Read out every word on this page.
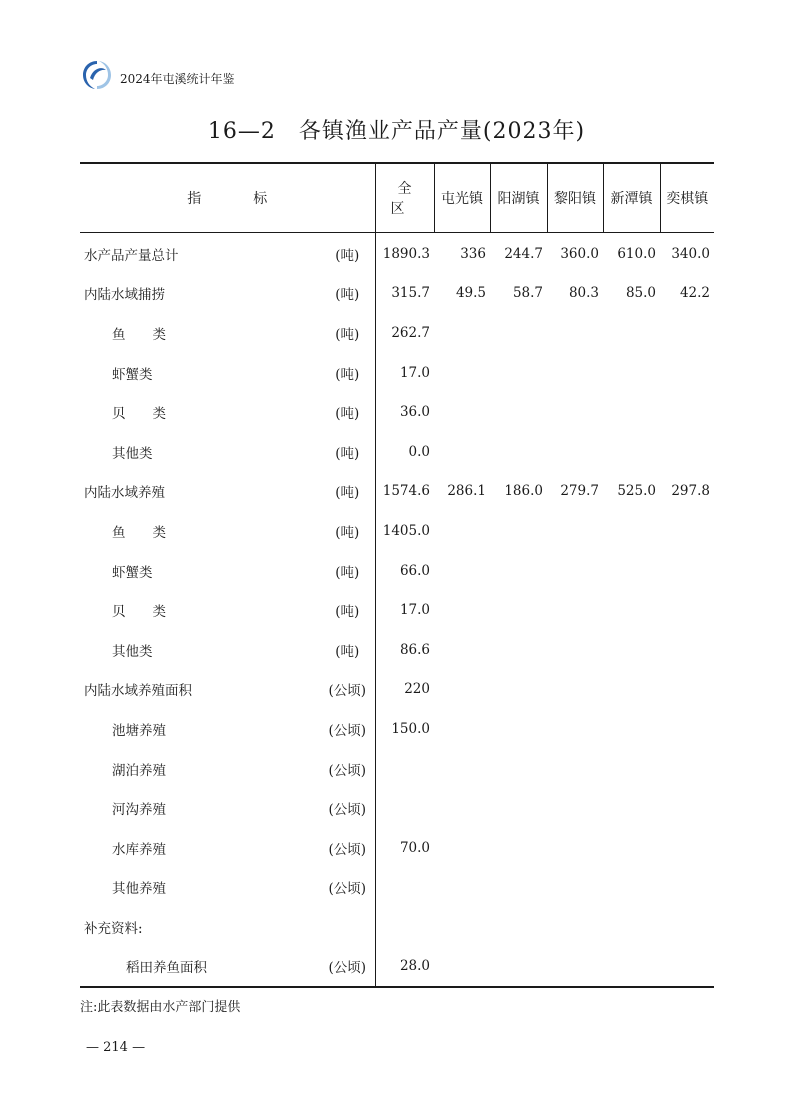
2024年屯溪统计年鉴
16—2　各镇渔业产品产量(2023年)
指标		全区	屯光镇	阳湖镇	黎阳镇	新潭镇	奕棋镇
水产品产量总计	(吨)	1890.3	336	244.7	360.0	610.0	340.0
内陆水域捕捞	(吨)	315.7	49.5	58.7	80.3	85.0	42.2
鱼　　类	(吨)	262.7					
虾蟹类	(吨)	17.0					
贝　　类	(吨)	36.0					
其他类	(吨)	0.0					
内陆水域养殖	(吨)	1574.6	286.1	186.0	279.7	525.0	297.8
鱼　　类	(吨)	1405.0					
虾蟹类	(吨)	66.0					
贝　　类	(吨)	17.0					
其他类	(吨)	86.6					
内陆水域养殖面积	(公顷)	220					
池塘养殖	(公顷)	150.0					
湖泊养殖	(公顷)						
河沟养殖	(公顷)						
水库养殖	(公顷)	70.0					
其他养殖	(公顷)						
补充资料:							
稻田养鱼面积	(公顷)	28.0					
注:此表数据由水产部门提供
— 214 —
